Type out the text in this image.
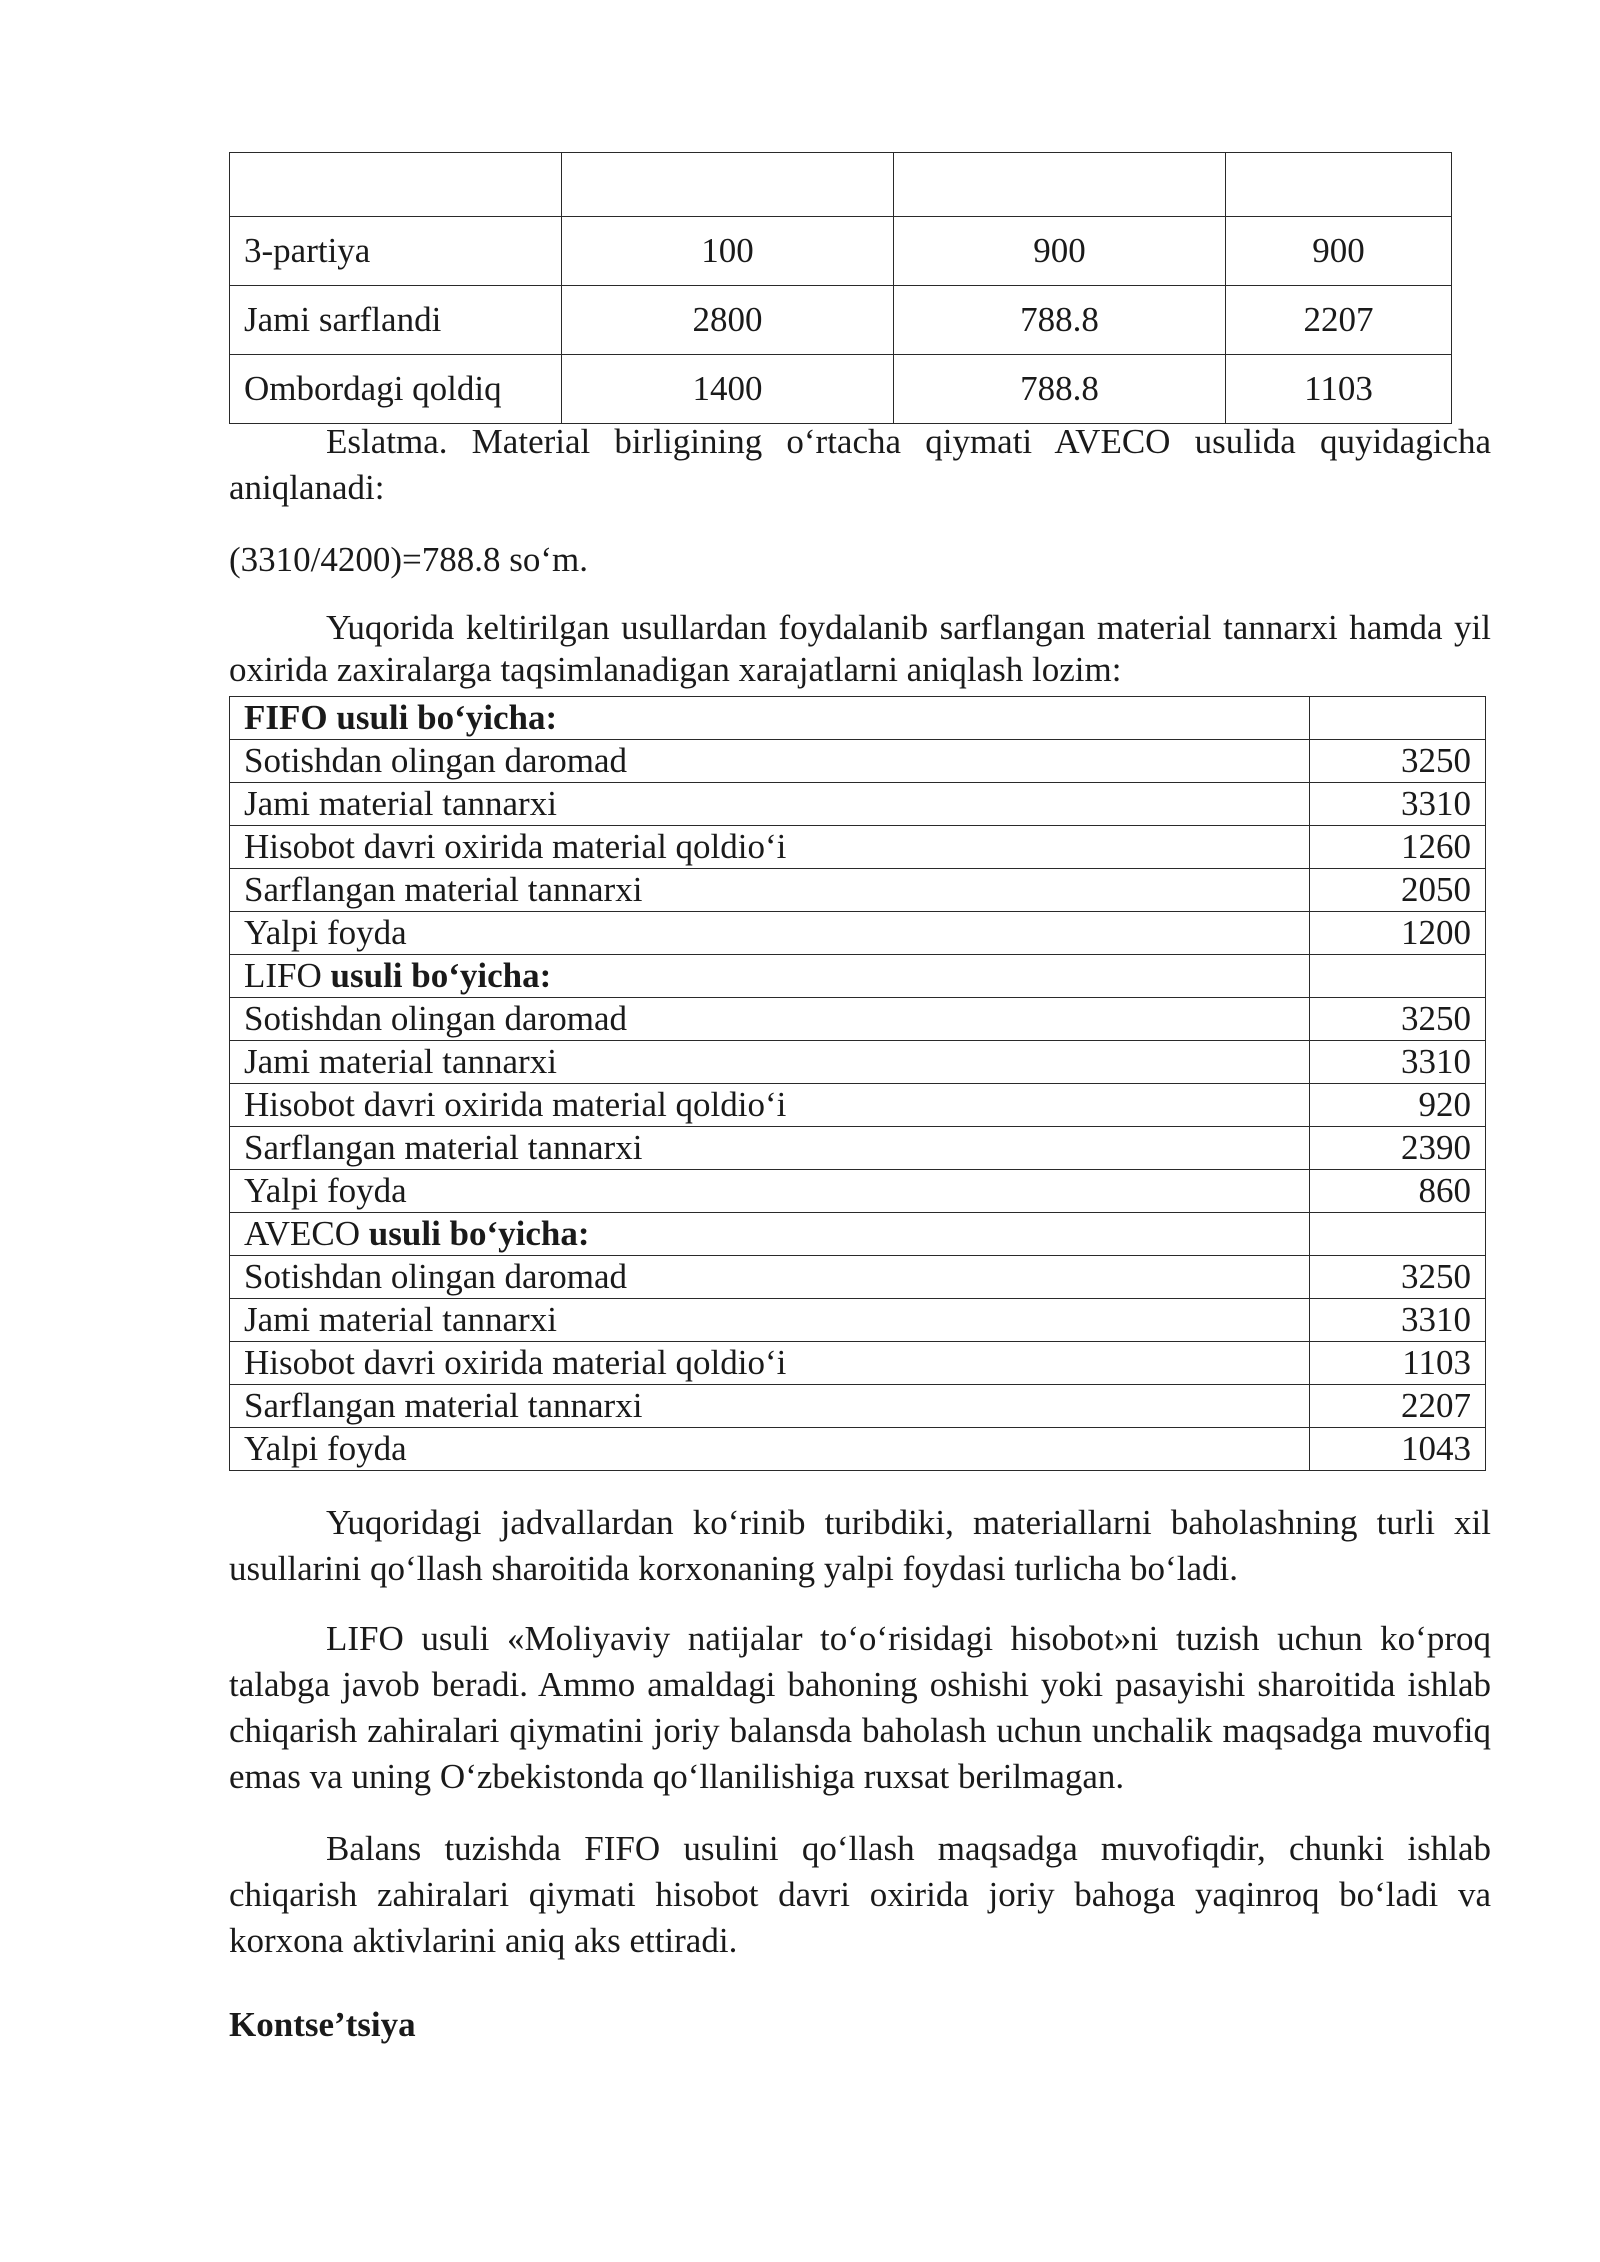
3-partiya	100	900	900
Jami sarflandi	2800	788.8	2207
Ombordagi qoldiq	1400	788.8	1103

Eslatma. Material birligining o‘rtacha qiymati AVECO usulida quyidagicha aniqlanadi:

(3310/4200)=788.8 so‘m.

Yuqorida keltirilgan usullardan foydalanib sarflangan material tannarxi hamda yil oxirida zaxiralarga taqsimlanadigan xarajatlarni aniqlash lozim:

FIFO usuli bo‘yicha:	
Sotishdan olingan daromad	3250
Jami material tannarxi	3310
Hisobot davri oxirida material qoldio‘i	1260
Sarflangan material tannarxi	2050
Yalpi foyda	1200
LIFO usuli bo‘yicha:	
Sotishdan olingan daromad	3250
Jami material tannarxi	3310
Hisobot davri oxirida material qoldio‘i	920
Sarflangan material tannarxi	2390
Yalpi foyda	860
AVECO usuli bo‘yicha:	
Sotishdan olingan daromad	3250
Jami material tannarxi	3310
Hisobot davri oxirida material qoldio‘i	1103
Sarflangan material tannarxi	2207
Yalpi foyda	1043

Yuqoridagi jadvallardan ko‘rinib turibdiki, materiallarni baholashning turli xil usullarini qo‘llash sharoitida korxonaning yalpi foydasi turlicha bo‘ladi.

LIFO usuli «Moliyaviy natijalar to‘o‘risidagi hisobot»ni tuzish uchun ko‘proq talabga javob beradi. Ammo amaldagi bahoning oshishi yoki pasayishi sharoitida ishlab chiqarish zahiralari qiymatini joriy balansda baholash uchun unchalik maqsadga muvofiq emas va uning O‘zbekistonda qo‘llanilishiga ruxsat berilmagan.

Balans tuzishda FIFO usulini qo‘llash maqsadga muvofiqdir, chunki ishlab chiqarish zahiralari qiymati hisobot davri oxirida joriy bahoga yaqinroq bo‘ladi va korxona aktivlarini aniq aks ettiradi.

Kontse’tsiya
